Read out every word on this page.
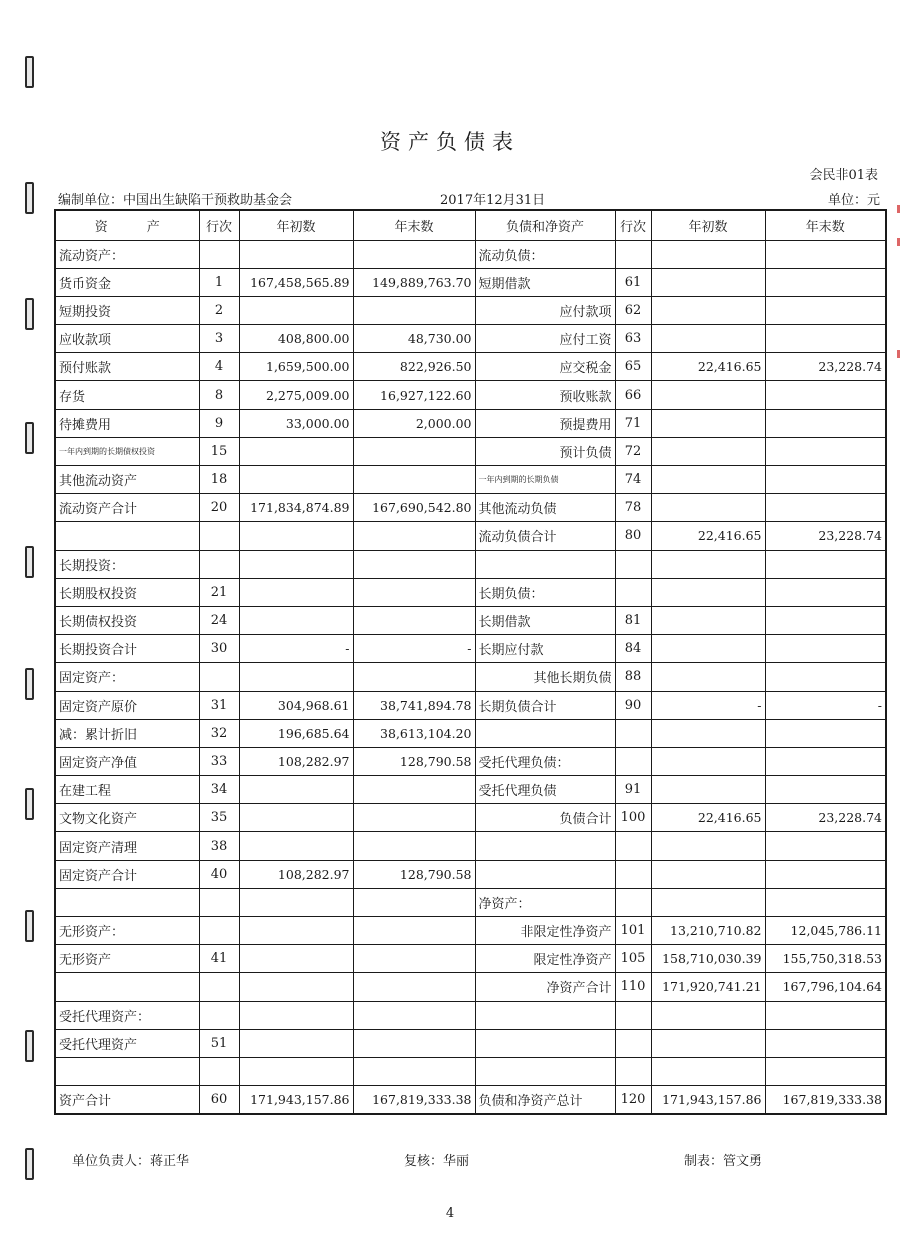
资产负债表
会民非01表
编制单位：中国出生缺陷干预救助基金会	2017年12月31日	单位：元
资　　　产	行次	年初数	年末数	负债和净资产	行次	年初数	年末数
流动资产：				流动负债：			
货币资金	1	167,458,565.89	149,889,763.70	短期借款	61		
短期投资	2			应付款项	62		
应收款项	3	408,800.00	48,730.00	应付工资	63		
预付账款	4	1,659,500.00	822,926.50	应交税金	65	22,416.65	23,228.74
存货	8	2,275,009.00	16,927,122.60	预收账款	66		
待摊费用	9	33,000.00	2,000.00	预提费用	71		
一年内到期的长期债权投资	15			预计负债	72		
其他流动资产	18			一年内到期的长期负债	74		
流动资产合计	20	171,834,874.89	167,690,542.80	其他流动负债	78		
				流动负债合计	80	22,416.65	23,228.74
长期投资：							
长期股权投资	21			长期负债：			
长期债权投资	24			长期借款	81		
长期投资合计	30	-	-	长期应付款	84		
固定资产：				其他长期负债	88		
固定资产原价	31	304,968.61	38,741,894.78	长期负债合计	90	-	-
减：累计折旧	32	196,685.64	38,613,104.20				
固定资产净值	33	108,282.97	128,790.58	受托代理负债：			
在建工程	34			受托代理负债	91		
文物文化资产	35			负债合计	100	22,416.65	23,228.74
固定资产清理	38						
固定资产合计	40	108,282.97	128,790.58				
				净资产：			
无形资产：				非限定性净资产	101	13,210,710.82	12,045,786.11
无形资产	41			限定性净资产	105	158,710,030.39	155,750,318.53
				净资产合计	110	171,920,741.21	167,796,104.64
受托代理资产：							
受托代理资产	51						

资产合计	60	171,943,157.86	167,819,333.38	负债和净资产总计	120	171,943,157.86	167,819,333.38
单位负责人：蒋正华	复核：华丽	制表：管文勇
4
